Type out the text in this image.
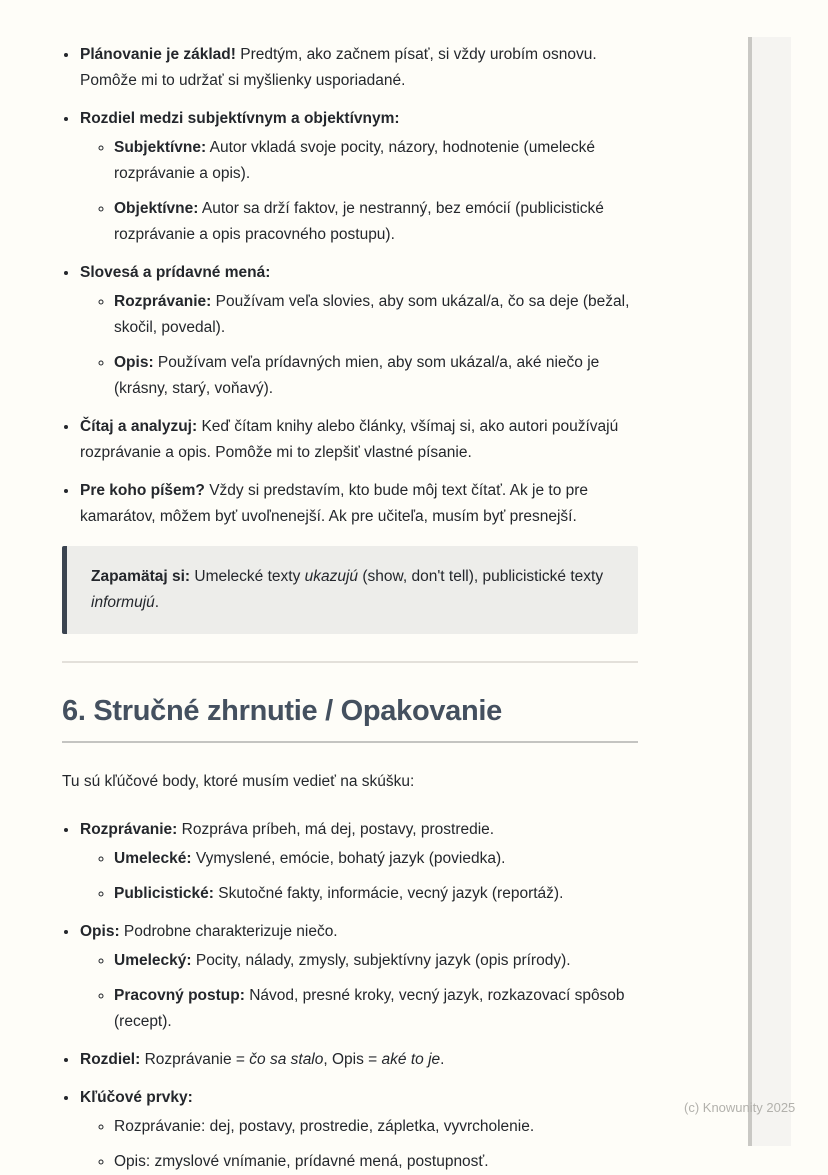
• Plánovanie je základ! Predtým, ako začnem písať, si vždy urobím osnovu. Pomôže mi to udržať si myšlienky usporiadané.
• Rozdiel medzi subjektívnym a objektívnym:
◦ Subjektívne: Autor vkladá svoje pocity, názory, hodnotenie (umelecké rozprávanie a opis).
◦ Objektívne: Autor sa drží faktov, je nestranný, bez emócií (publicistické rozprávanie a opis pracovného postupu).
• Slovesá a prídavné mená:
◦ Rozprávanie: Používam veľa slovies, aby som ukázal/a, čo sa deje (bežal, skočil, povedal).
◦ Opis: Používam veľa prídavných mien, aby som ukázal/a, aké niečo je (krásny, starý, voňavý).
• Čítaj a analyzuj: Keď čítam knihy alebo články, všímaj si, ako autori používajú rozprávanie a opis. Pomôže mi to zlepšiť vlastné písanie.
• Pre koho píšem? Vždy si predstavím, kto bude môj text čítať. Ak je to pre kamarátov, môžem byť uvoľnenejší. Ak pre učiteľa, musím byť presnejší.
Zapamätaj si: Umelecké texty ukazujú (show, don't tell), publicistické texty informujú.
6. Stručné zhrnutie / Opakovanie

Tu sú kľúčové body, ktoré musím vedieť na skúšku:

• Rozprávanie: Rozpráva príbeh, má dej, postavy, prostredie.
◦ Umelecké: Vymyslené, emócie, bohatý jazyk (poviedka).
◦ Publicistické: Skutočné fakty, informácie, vecný jazyk (reportáž).
• Opis: Podrobne charakterizuje niečo.
◦ Umelecký: Pocity, nálady, zmysly, subjektívny jazyk (opis prírody).
◦ Pracovný postup: Návod, presné kroky, vecný jazyk, rozkazovací spôsob (recept).
• Rozdiel: Rozprávanie = čo sa stalo, Opis = aké to je.
• Kľúčové prvky:
◦ Rozprávanie: dej, postavy, prostredie, zápletka, vyvrcholenie.
◦ Opis: zmyslové vnímanie, prídavné mená, postupnosť.
(c) Knowunity 2025
